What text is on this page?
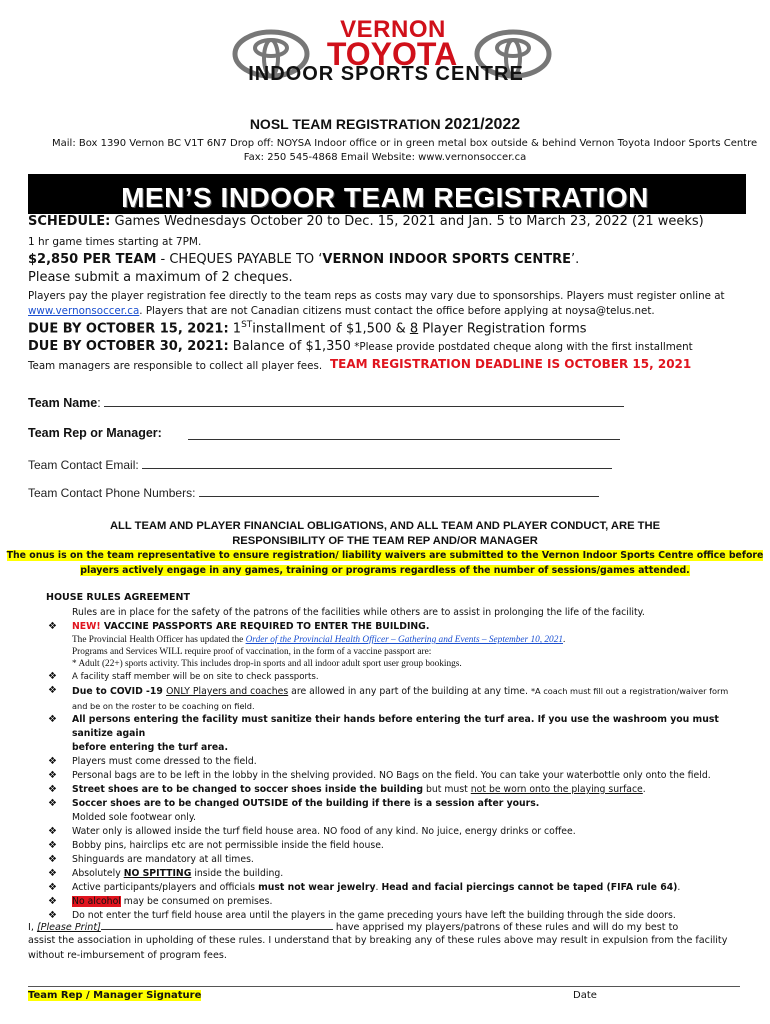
VERNON
TOYOTA
INDOOR SPORTS CENTRE
NOSL TEAM REGISTRATION 2021/2022
Mail: Box 1390 Vernon BC V1T 6N7 Drop off: NOYSA Indoor office or in green metal box outside & behind Vernon Toyota Indoor Sports Centre
Fax: 250 545-4868 Email Website: www.vernonsoccer.ca
MEN’S INDOOR TEAM REGISTRATION
SCHEDULE: Games Wednesdays October 20 to Dec. 15, 2021 and Jan. 5 to March 23, 2022 (21 weeks)
1 hr game times starting at 7PM.
$2,850 PER TEAM - CHEQUES PAYABLE TO ‘VERNON INDOOR SPORTS CENTRE’.
Please submit a maximum of 2 cheques.
Players pay the player registration fee directly to the team reps as costs may vary due to sponsorships. Players must register online at
www.vernonsoccer.ca. Players that are not Canadian citizens must contact the office before applying at noysa@telus.net.
DUE BY OCTOBER 15, 2021: 1STinstallment of $1,500 & 8 Player Registration forms
DUE BY OCTOBER 30, 2021: Balance of $1,350 *Please provide postdated cheque along with the first installment
Team managers are responsible to collect all player fees. TEAM REGISTRATION DEADLINE IS OCTOBER 15, 2021
Team Name:
Team Rep or Manager:
Team Contact Email:
Team Contact Phone Numbers:
ALL TEAM AND PLAYER FINANCIAL OBLIGATIONS, AND ALL TEAM AND PLAYER CONDUCT, ARE THE
RESPONSIBILITY OF THE TEAM REP AND/OR MANAGER
The onus is on the team representative to ensure registration/ liability waivers are submitted to the Vernon Indoor Sports Centre office before
players actively engage in any games, training or programs regardless of the number of sessions/games attended.
HOUSE RULES AGREEMENT
Rules are in place for the safety of the patrons of the facilities while others are to assist in prolonging the life of the facility.
❖ NEW! VACCINE PASSPORTS ARE REQUIRED TO ENTER THE BUILDING.
The Provincial Health Officer has updated the Order of the Provincial Health Officer – Gathering and Events – September 10, 2021.
Programs and Services WILL require proof of vaccination, in the form of a vaccine passport are:
* Adult (22+) sports activity. This includes drop-in sports and all indoor adult sport user group bookings.
❖ A facility staff member will be on site to check passports.
❖ Due to COVID -19 ONLY Players and coaches are allowed in any part of the building at any time. *A coach must fill out a registration/waiver form
and be on the roster to be coaching on field.
❖ All persons entering the facility must sanitize their hands before entering the turf area. If you use the washroom you must sanitize again
before entering the turf area.
❖ Players must come dressed to the field.
❖ Personal bags are to be left in the lobby in the shelving provided. NO Bags on the field. You can take your waterbottle only onto the field.
❖ Street shoes are to be changed to soccer shoes inside the building but must not be worn onto the playing surface.
❖ Soccer shoes are to be changed OUTSIDE of the building if there is a session after yours.
Molded sole footwear only.
❖ Water only is allowed inside the turf field house area. NO food of any kind. No juice, energy drinks or coffee.
❖ Bobby pins, hairclips etc are not permissible inside the field house.
❖ Shinguards are mandatory at all times.
❖ Absolutely NO SPITTING inside the building.
❖ Active participants/players and officials must not wear jewelry. Head and facial piercings cannot be taped (FIFA rule 64).
❖ No alcohol may be consumed on premises.
❖ Do not enter the turf field house area until the players in the game preceding yours have left the building through the side doors.
I, [Please Print]	have apprised my players/patrons of these rules and will do my best to
assist the association in upholding of these rules. I understand that by breaking any of these rules above may result in expulsion from the facility
without re-imbursement of program fees.
Team Rep / Manager Signature	Date
